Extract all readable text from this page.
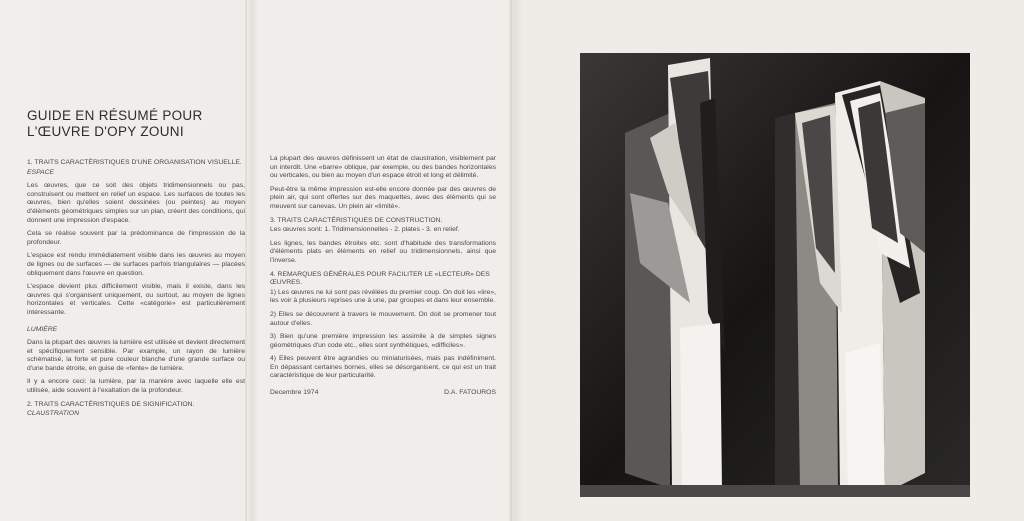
GUIDE EN RÉSUMÉ POUR
L'ŒUVRE D'OPY ZOUNI
1. TRAITS CARACTÉRISTIQUES D'UNE ORGANISATION VISUELLE.
ESPACE

Les œuvres, que ce soit des objets tridimensionnels ou pas, construisent ou mettent en relief un espace. Les surfaces de toutes les œuvres, bien qu'elles soient dessinées (ou peintes) au moyen d'éléments géométriques simples sur un plan, créent des conditions, qui donnent une impression d'espace.

Cela se réalise souvent par la prédominance de l'impression de la profondeur.

L'espace est rendu immédiatement visible dans les œuvres au moyen de lignes ou de surfaces — de surfaces parfois triangulaires — placées obliquement dans l'œuvre en question.

L'espace devient plus difficilement visible, mais il existe, dans les œuvres qui s'organisent uniquement, ou surtout, au moyen de lignes horizontales et verticales. Cette «catégorie» est particulièrement intéressante.

LUMIÈRE

Dans la plupart des œuvres la lumière est utilisée et devient directement et spécifiquement sensible. Par example, un rayon de lumière schématisé, la forte et pure couleur blanche d'une grande surface ou d'une bande étroite, en guise de «fente» de lumière.

Il y a encore ceci: la lumière, par la manière avec laquelle elle est utilisée, aide souvent à l'exaltation de la profondeur.

2. TRAITS CARACTÉRISTIQUES DE SIGNIFICATION.
CLAUSTRATION

La plupart des œuvres définissent un état de claustration, visiblement par un interdit. Une «barre» oblique, par exemple, ou des bandes horizontales ou verticales, ou bien au moyen d'un espace étroit et long et délimité.

Peut-être la même impression est-elle encore donnée par des œuvres de plein air, qui sont offertes sur des maquettes, avec des éléments qui se meuvent sur canevas. Un plein air «limité».

3. TRAITS CARACTÉRISTIQUES DE CONSTRUCTION.

Les œuvres sont: 1. Tridimensionnelles - 2. plates - 3. en relief.

Les lignes, les bandes étroites etc. sont d'habitude des transformations d'éléments plats en éléments en relief ou tridimensionnels, ainsi que l'inverse.

4. REMARQUES GÉNÉRALES POUR FACILITER LE «LECTEUR» DES ŒUVRES.

1) Les œuvres ne lui sont pas révélées du premier coup. On doit les «lire», les voir à plusieurs reprises une à une, par groupes et dans leur ensemble.

2) Elles se découvrent à travers le mouvement. On doit se promener tout autour d'elles.

3) Bien qu'une première impression les assimile à de simples signes géométriques d'un code etc., elles sont synthétiques, «difficiles».

4) Elles peuvent être agrandies ou miniaturisées, mais pas indéfiniment. En dépassant certaines bornes, elles se désorganisent, ce qui est un trait caractéristique de leur particularité.

Decembre 1974	D.A. FATOUROS
